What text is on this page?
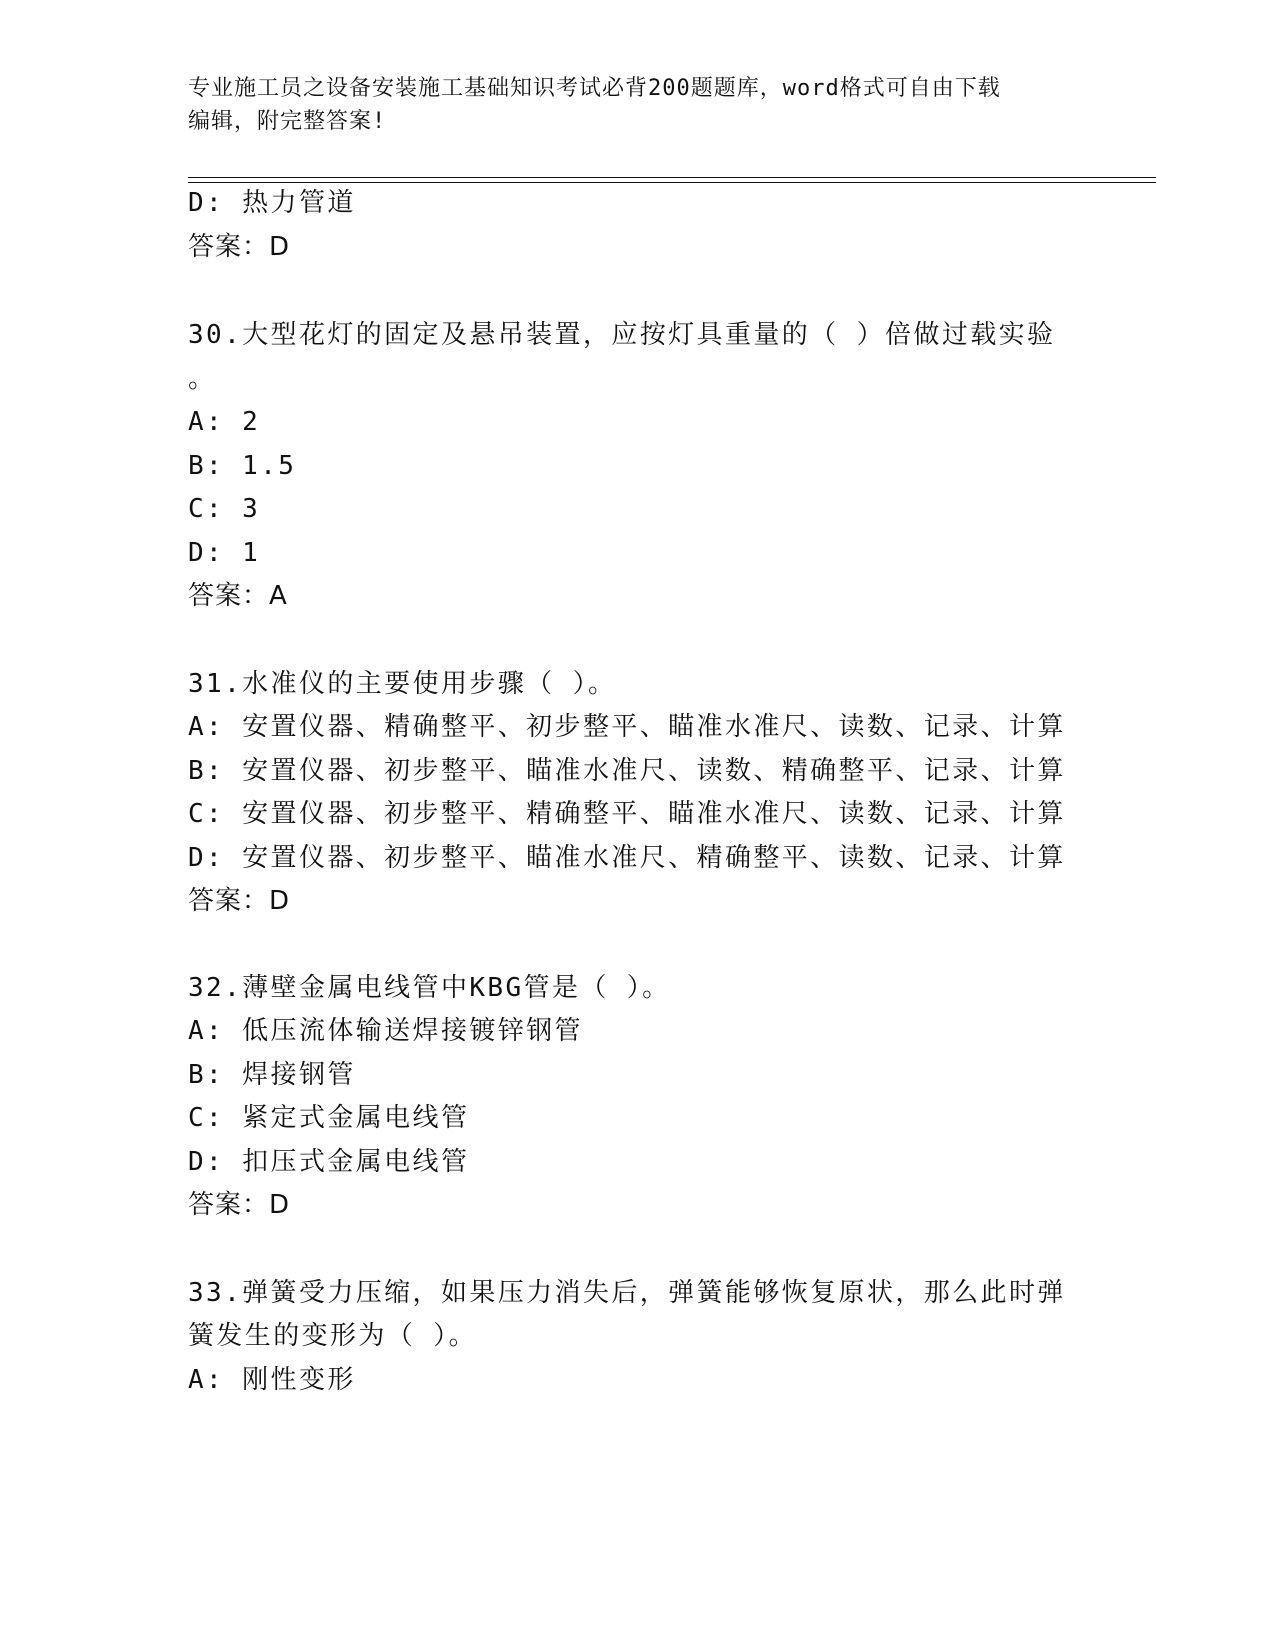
专业施工员之设备安装施工基础知识考试必背200题题库，word格式可自由下载
编辑，附完整答案!
D: 热力管道
答案：D
30.大型花灯的固定及悬吊装置，应按灯具重量的（ ）倍做过载实验
。
A: 2
B: 1.5
C: 3
D: 1
答案：A
31.水准仪的主要使用步骤（ ）。
A: 安置仪器、精确整平、初步整平、瞄准水准尺、读数、记录、计算
B: 安置仪器、初步整平、瞄准水准尺、读数、精确整平、记录、计算
C: 安置仪器、初步整平、精确整平、瞄准水准尺、读数、记录、计算
D: 安置仪器、初步整平、瞄准水准尺、精确整平、读数、记录、计算
答案：D
32.薄壁金属电线管中KBG管是（ ）。
A: 低压流体输送焊接镀锌钢管
B: 焊接钢管
C: 紧定式金属电线管
D: 扣压式金属电线管
答案：D
33.弹簧受力压缩，如果压力消失后，弹簧能够恢复原状，那么此时弹
簧发生的变形为（ ）。
A: 刚性变形
